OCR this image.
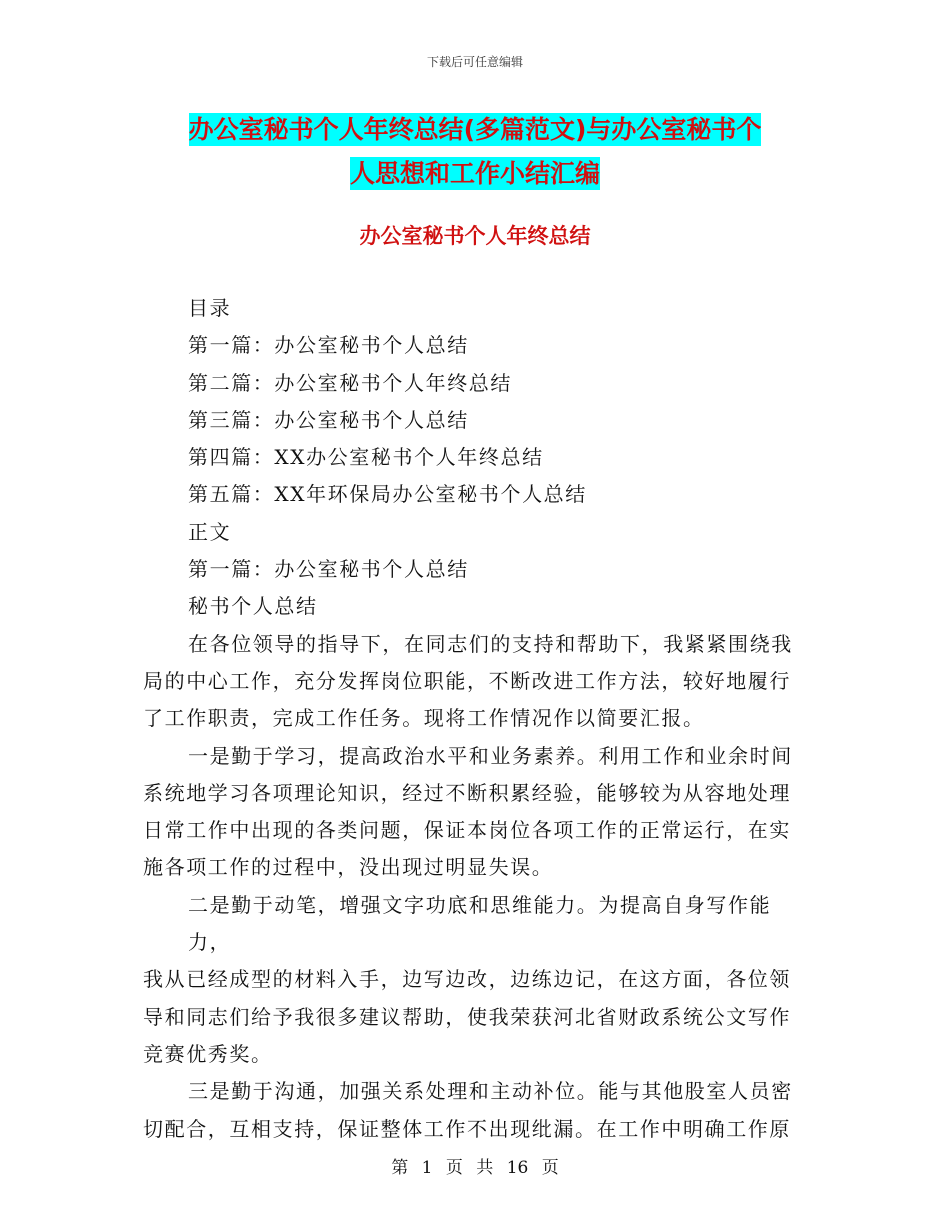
下载后可任意编辑
办公室秘书个人年终总结(多篇范文)与办公室秘书个
人思想和工作小结汇编
办公室秘书个人年终总结

目录

第一篇：办公室秘书个人总结

第二篇：办公室秘书个人年终总结

第三篇：办公室秘书个人总结

第四篇：XX办公室秘书个人年终总结

第五篇：XX年环保局办公室秘书个人总结

正文

第一篇：办公室秘书个人总结

秘书个人总结

在各位领导的指导下，在同志们的支持和帮助下，我紧紧围绕我

局的中心工作，充分发挥岗位职能，不断改进工作方法，较好地履行

了工作职责，完成工作任务。现将工作情况作以简要汇报。

一是勤于学习，提高政治水平和业务素养。利用工作和业余时间

系统地学习各项理论知识，经过不断积累经验，能够较为从容地处理

日常工作中出现的各类问题，保证本岗位各项工作的正常运行，在实

施各项工作的过程中，没出现过明显失误。

二是勤于动笔，增强文字功底和思维能力。为提高自身写作能力，

我从已经成型的材料入手，边写边改，边练边记，在这方面，各位领

导和同志们给予我很多建议帮助，使我荣获河北省财政系统公文写作

竞赛优秀奖。

三是勤于沟通，加强关系处理和主动补位。能与其他股室人员密

切配合，互相支持，保证整体工作不出现纰漏。在工作中明确工作原

第 1 页 共 16 页
